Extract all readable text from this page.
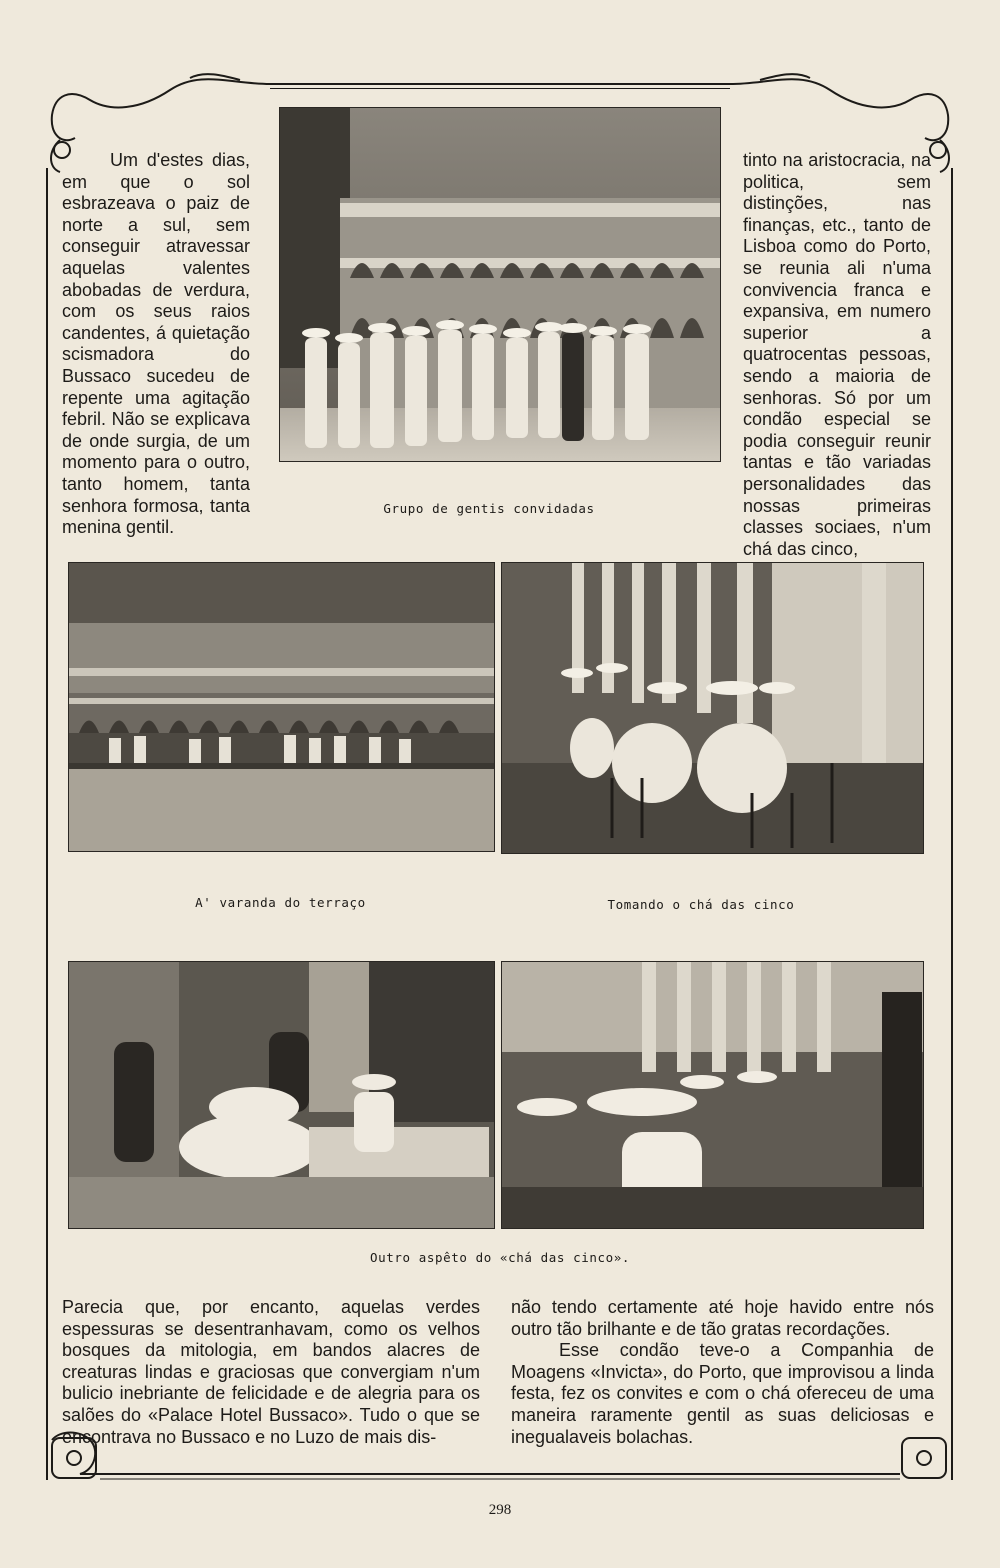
Um d'estes dias, em que o sol esbrazeava o paiz de norte a sul, sem conseguir atravessar aquelas valentes abobadas de verdura, com os seus raios candentes, á quietação scismadora do Bussaco sucedeu de repente uma agitação febril. Não se explicava de onde surgia, de um momento para o outro, tanto homem, tanta senhora formosa, tanta menina gentil.

tinto na aristocracia, na politica, sem distinções, nas finanças, etc., tanto de Lisboa como do Porto, se reunia ali n'uma convivencia franca e expansiva, em numero superior a quatrocentas pessoas, sendo a maioria de senhoras. Só por um condão especial se podia conseguir reunir tantas e tão variadas personalidades das nossas primeiras classes sociaes, n'um chá das cinco,

Grupo de gentis convidadas
A' varanda do terraço	Tomando o chá das cinco
Outro aspêto do «chá das cinco».

Parecia que, por encanto, aquelas verdes espessuras se desentranhavam, como os velhos bosques da mitologia, em bandos alacres de creaturas lindas e graciosas que convergiam n'um bulicio inebriante de felicidade e de alegria para os salões do «Palace Hotel Bussaco». Tudo o que se encontrava no Bussaco e no Luzo de mais dis-

não tendo certamente até hoje havido entre nós outro tão brilhante e de tão gratas recordações.

Esse condão teve-o a Companhia de Moagens «Invicta», do Porto, que improvisou a linda festa, fez os convites e com o chá ofereceu de uma maneira raramente gentil as suas deliciosas e inegualaveis bolachas.

298
